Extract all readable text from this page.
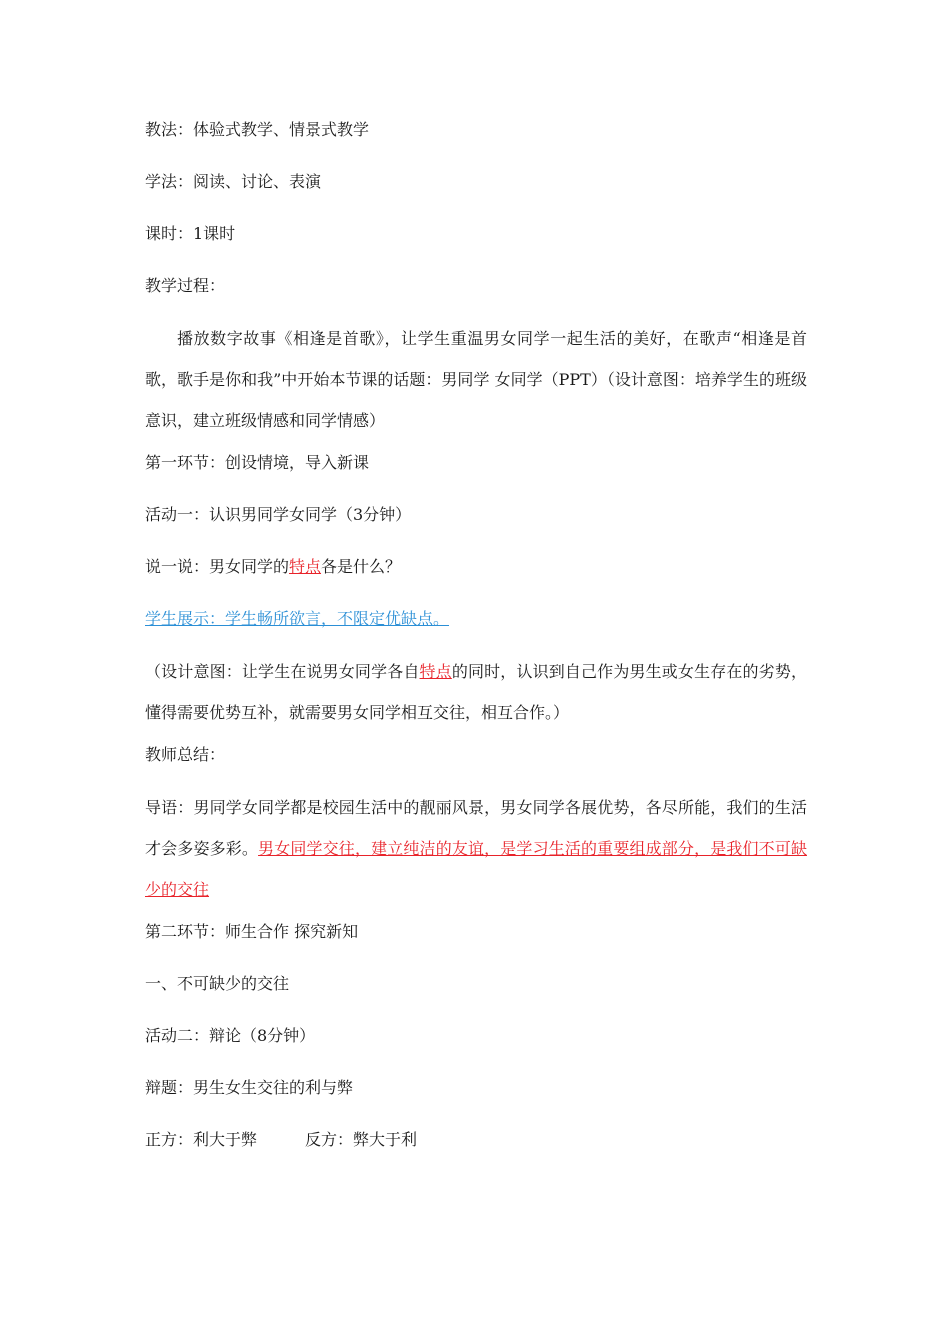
教法：体验式教学、情景式教学

学法：阅读、讨论、表演

课时：1课时

教学过程：

播放数字故事《相逢是首歌》，让学生重温男女同学一起生活的美好，在歌声“相逢是首歌，歌手是你和我”中开始本节课的话题：男同学 女同学（PPT）（设计意图：培养学生的班级意识，建立班级情感和同学情感）

第一环节：创设情境，导入新课

活动一：认识男同学女同学（3分钟）

说一说：男女同学的特点各是什么？

学生展示：学生畅所欲言，不限定优缺点。

（设计意图：让学生在说男女同学各自特点的同时，认识到自己作为男生或女生存在的劣势，懂得需要优势互补，就需要男女同学相互交往，相互合作。）

教师总结：

导语：男同学女同学都是校园生活中的靓丽风景，男女同学各展优势，各尽所能，我们的生活才会多姿多彩。男女同学交往，建立纯洁的友谊，是学习生活的重要组成部分，是我们不可缺少的交往

第二环节：师生合作 探究新知

一、不可缺少的交往

活动二：辩论（8分钟）

辩题：男生女生交往的利与弊

正方：利大于弊	反方：弊大于利
